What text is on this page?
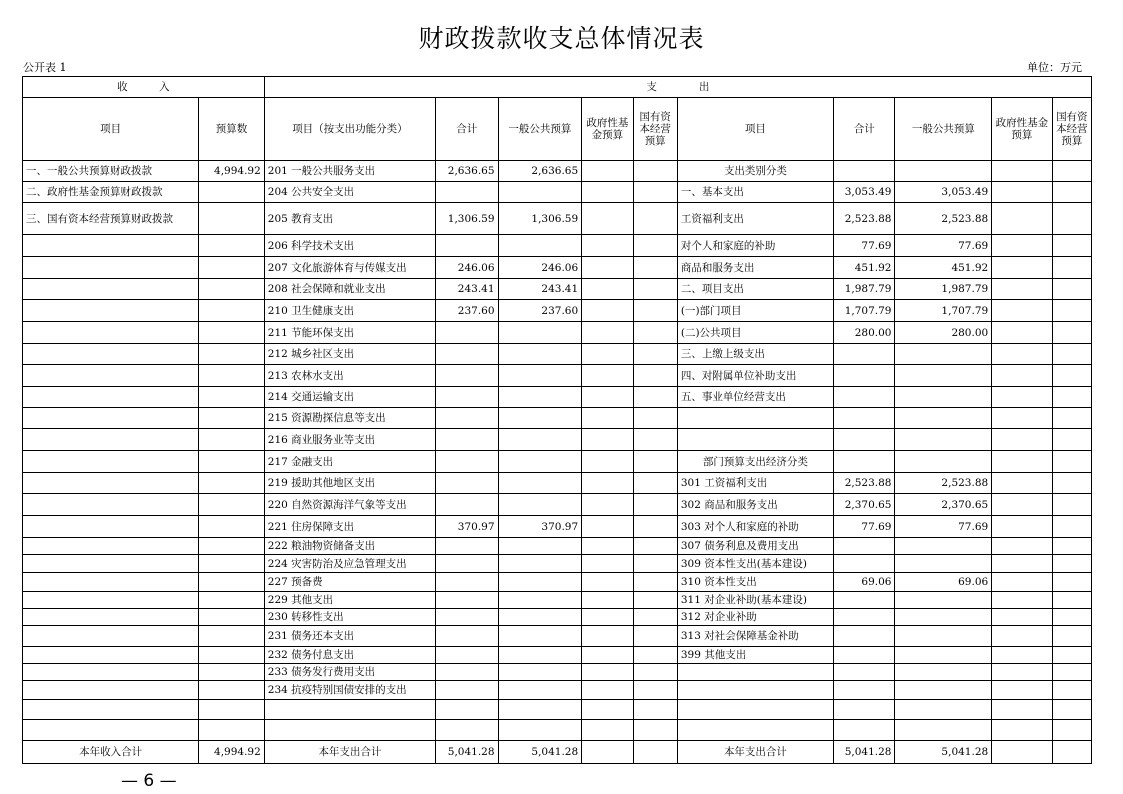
财政拨款收支总体情况表
公开表 1	单位：万元
收　　　入		支　　　　出									
项目	预算数	项目（按支出功能分类）	合计	一般公共预算	政府性基金预算	国有资本经营预算	项目	合计	一般公共预算	政府性基金预算	国有资本经营预算
一、一般公共预算财政拨款	4,994.92	201 一般公共服务支出	2,636.65	2,636.65			支出类别分类				
二、政府性基金预算财政拨款		204 公共安全支出					一、基本支出	3,053.49	3,053.49		
三、国有资本经营预算财政拨款		205 教育支出	1,306.59	1,306.59			工资福利支出	2,523.88	2,523.88		
		206 科学技术支出					对个人和家庭的补助	77.69	77.69		
		207 文化旅游体育与传媒支出	246.06	246.06			商品和服务支出	451.92	451.92		
		208 社会保障和就业支出	243.41	243.41			二、项目支出	1,987.79	1,987.79		
		210 卫生健康支出	237.60	237.60			(一)部门项目	1,707.79	1,707.79		
		211 节能环保支出					(二)公共项目	280.00	280.00		
		212 城乡社区支出					三、上缴上级支出				
		213 农林水支出					四、对附属单位补助支出				
		214 交通运输支出					五、事业单位经营支出				
		215 资源勘探信息等支出									
		216 商业服务业等支出									
		217 金融支出					部门预算支出经济分类				
		219 援助其他地区支出					301 工资福利支出	2,523.88	2,523.88		
		220 自然资源海洋气象等支出					302 商品和服务支出	2,370.65	2,370.65		
		221 住房保障支出	370.97	370.97			303 对个人和家庭的补助	77.69	77.69		
		222 粮油物资储备支出					307 债务利息及费用支出				
		224 灾害防治及应急管理支出					309 资本性支出(基本建设)				
		227 预备费					310 资本性支出	69.06	69.06		
		229 其他支出					311 对企业补助(基本建设)				
		230 转移性支出					312 对企业补助				
		231 债务还本支出					313 对社会保障基金补助				
		232 债务付息支出					399 其他支出				
		233 债务发行费用支出									
		234 抗疫特别国债安排的支出									

本年收入合计	4,994.92	本年支出合计	5,041.28	5,041.28			本年支出合计	5,041.28	5,041.28		
— 6 —
